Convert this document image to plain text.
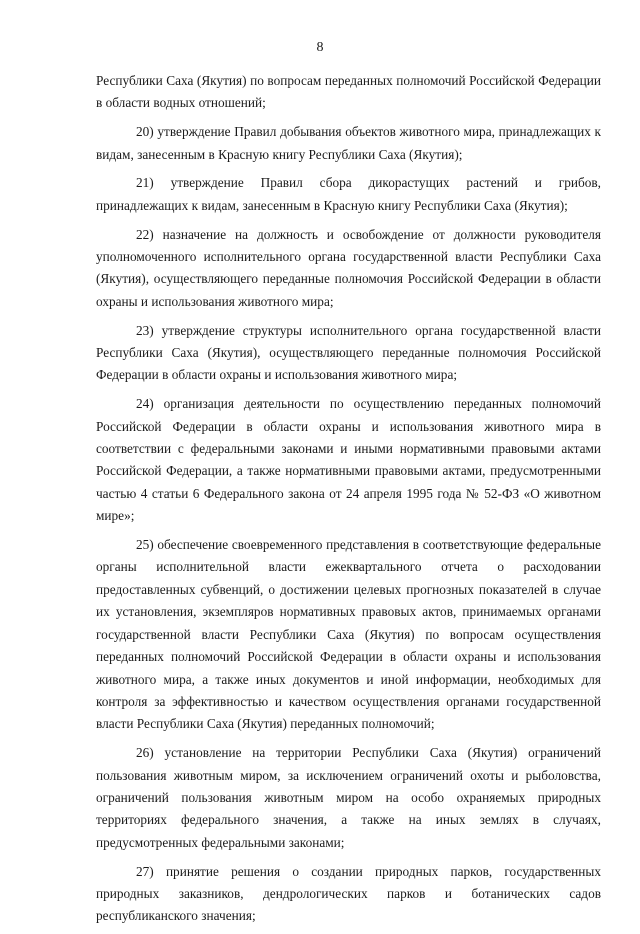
8

Республики Саха (Якутия) по вопросам переданных полномочий Российской Федерации в области водных отношений;

20) утверждение Правил добывания объектов животного мира, принадлежащих к видам, занесенным в Красную книгу Республики Саха (Якутия);

21) утверждение Правил сбора дикорастущих растений и грибов, принадлежащих к видам, занесенным в Красную книгу Республики Саха (Якутия);

22) назначение на должность и освобождение от должности руководителя уполномоченного исполнительного органа государственной власти Республики Саха (Якутия), осуществляющего переданные полномочия Российской Федерации в области охраны и использования животного мира;

23) утверждение структуры исполнительного органа государственной власти Республики Саха (Якутия), осуществляющего переданные полномочия Российской Федерации в области охраны и использования животного мира;

24) организация деятельности по осуществлению переданных полномочий Российской Федерации в области охраны и использования животного мира в соответствии с федеральными законами и иными нормативными правовыми актами Российской Федерации, а также нормативными правовыми актами, предусмотренными частью 4 статьи 6 Федерального закона от 24 апреля 1995 года № 52-ФЗ «О животном мире»;

25) обеспечение своевременного представления в соответствующие федеральные органы исполнительной власти ежеквартального отчета о расходовании предоставленных субвенций, о достижении целевых прогнозных показателей в случае их установления, экземпляров нормативных правовых актов, принимаемых органами государственной власти Республики Саха (Якутия) по вопросам осуществления переданных полномочий Российской Федерации в области охраны и использования животного мира, а также иных документов и иной информации, необходимых для контроля за эффективностью и качеством осуществления органами государственной власти Республики Саха (Якутия) переданных полномочий;

26) установление на территории Республики Саха (Якутия) ограничений пользования животным миром, за исключением ограничений охоты и рыболовства, ограничений пользования животным миром на особо охраняемых природных территориях федерального значения, а также на иных землях в случаях, предусмотренных федеральными законами;

27) принятие решения о создании природных парков, государственных природных заказников, дендрологических парков и ботанических садов республиканского значения;
